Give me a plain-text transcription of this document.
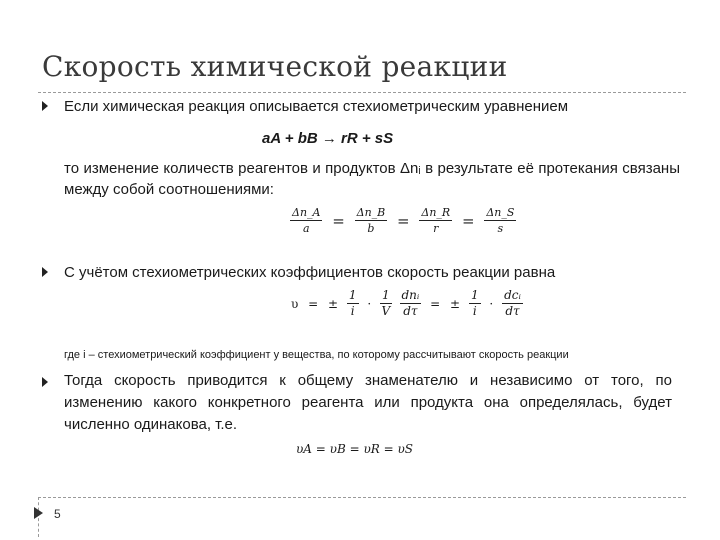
Скорость химической реакции
Если химическая реакция описывается стехиометрическим уравнением
aA + bB → rR + sS
то изменение количеств реагентов и продуктов Δnᵢ в результате её протекания связаны между собой соотношениями:
$\frac{\Delta n\_A}{a} = \frac{\Delta n\_B}{b} = \frac{\Delta n\_R}{r} = \frac{\Delta n\_S}{s}$
С учётом стехиометрических коэффициентов скорость реакции равна
υ = ± $\frac{1}{i} \cdot \frac{1}{V}$
$\frac{\text{dnᵢ}}{d\tau}$ = ± $\frac{1}{i} \cdot \frac{\text{dcᵢ}}{d\tau}$
где i – стехиометрический коэффициент у вещества, по которому рассчитывают скорость реакции
Тогда скорость приводится к общему знаменателю и независимо от того, по изменению какого конкретного реагента или продукта она определялась, будет численно одинакова, т.е.
υA = υB = υR = υS
5
